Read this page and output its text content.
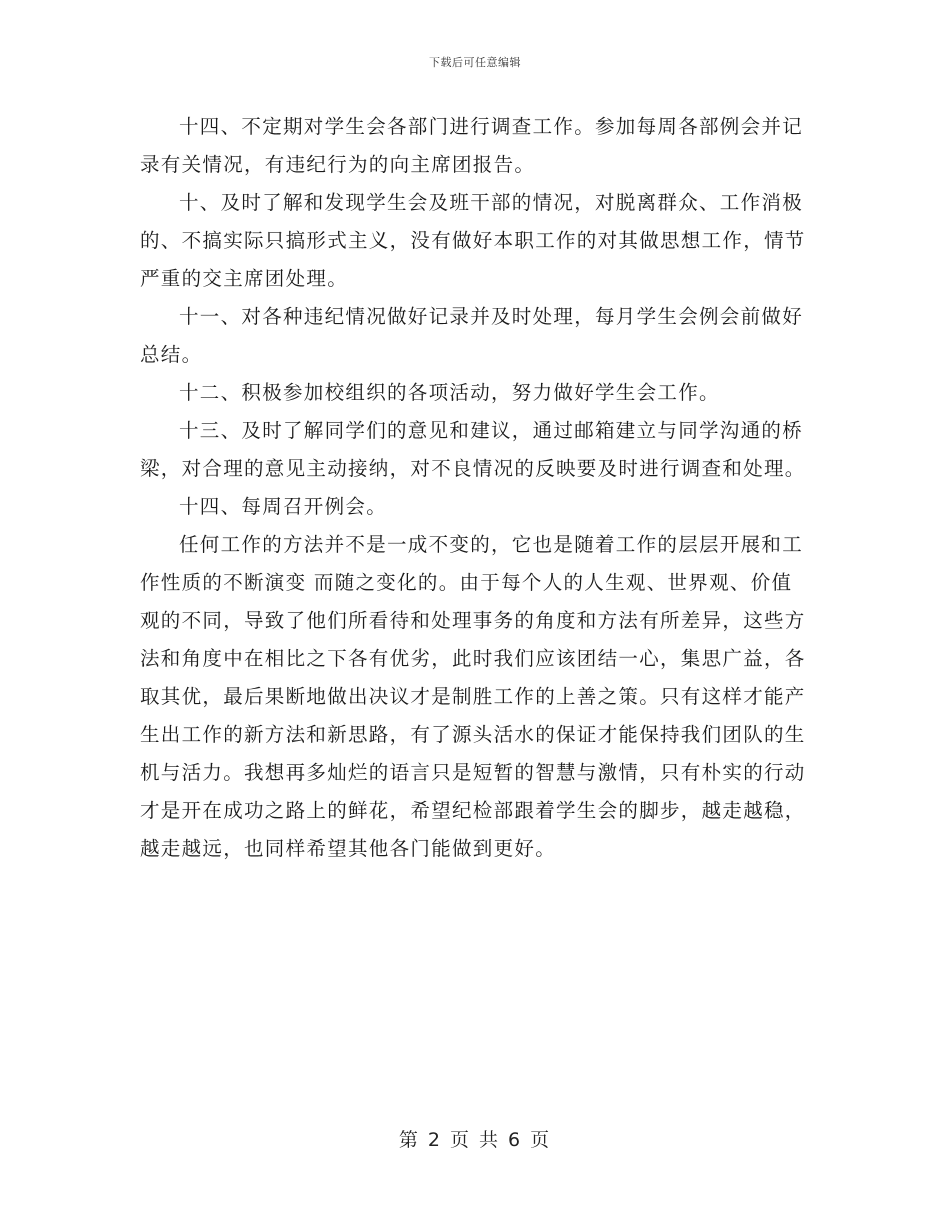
下载后可任意编辑

十四、不定期对学生会各部门进行调查工作。参加每周各部例会并记录有关情况，有违纪行为的向主席团报告。

十、及时了解和发现学生会及班干部的情况，对脱离群众、工作消极的、不搞实际只搞形式主义，没有做好本职工作的对其做思想工作，情节严重的交主席团处理。

十一、对各种违纪情况做好记录并及时处理，每月学生会例会前做好总结。

十二、积极参加校组织的各项活动，努力做好学生会工作。

十三、及时了解同学们的意见和建议，通过邮箱建立与同学沟通的桥梁，对合理的意见主动接纳，对不良情况的反映要及时进行调查和处理。

十四、每周召开例会。

任何工作的方法并不是一成不变的，它也是随着工作的层层开展和工作性质的不断演变 而随之变化的。由于每个人的人生观、世界观、价值观的不同，导致了他们所看待和处理事务的角度和方法有所差异，这些方法和角度中在相比之下各有优劣，此时我们应该团结一心，集思广益，各取其优，最后果断地做出决议才是制胜工作的上善之策。只有这样才能产生出工作的新方法和新思路，有了源头活水的保证才能保持我们团队的生机与活力。我想再多灿烂的语言只是短暂的智慧与激情，只有朴实的行动才是开在成功之路上的鲜花，希望纪检部跟着学生会的脚步，越走越稳，越走越远，也同样希望其他各门能做到更好。

第 2 页 共 6 页
